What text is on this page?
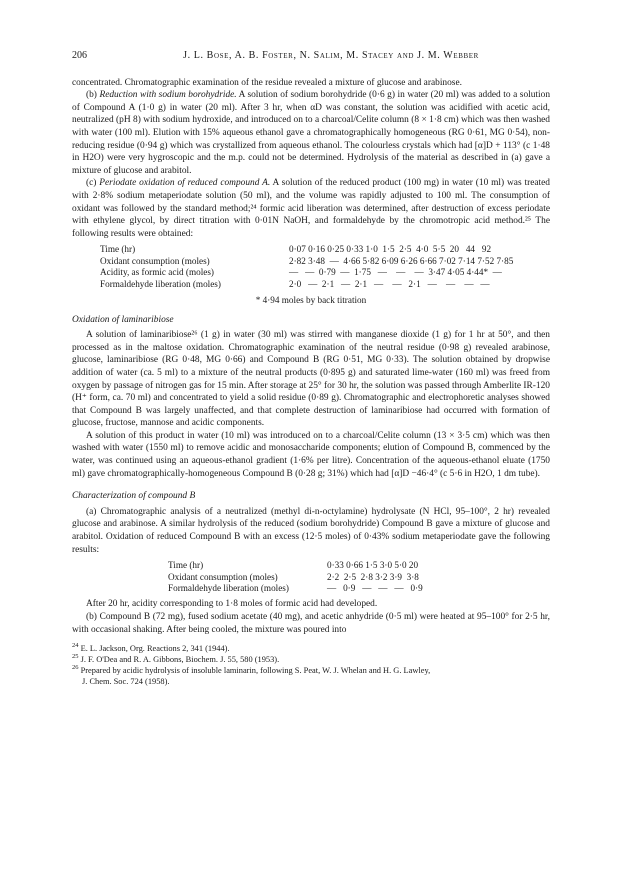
206	J. L. Bose, A. B. Foster, N. Salim, M. Stacey and J. M. Webber

concentrated. Chromatographic examination of the residue revealed a mixture of glucose and arabinose.

(b) Reduction with sodium borohydride. A solution of sodium borohydride (0·6 g) in water (20 ml) was added to a solution of Compound A (1·0 g) in water (20 ml). After 3 hr, when αD was constant, the solution was acidified with acetic acid, neutralized (pH 8) with sodium hydroxide, and introduced on to a charcoal/Celite column (8 × 1·8 cm) which was then washed with water (100 ml). Elution with 15% aqueous ethanol gave a chromatographically homogeneous (RG 0·61, MG 0·54), non-reducing residue (0·94 g) which was crystallized from aqueous ethanol. The colourless crystals which had [α]D + 113° (c 1·48 in H2O) were very hygroscopic and the m.p. could not be determined. Hydrolysis of the material as described in (a) gave a mixture of glucose and arabitol.

(c) Periodate oxidation of reduced compound A. A solution of the reduced product (100 mg) in water (10 ml) was treated with 2·8% sodium metaperiodate solution (50 ml), and the volume was rapidly adjusted to 100 ml. The consumption of oxidant was followed by the standard method;²⁴ formic acid liberation was determined, after destruction of excess periodate with ethylene glycol, by direct titration with 0·01N NaOH, and formaldehyde by the chromotropic acid method.²⁵ The following results were obtained:

Time (hr)	0·07 0·16 0·25 0·33 1·0  1·5  2·5  4·0  5·5  20   44   92
Oxidant consumption (moles)	2·82 3·48  —  4·66 5·82 6·09 6·26 6·66 7·02 7·14 7·52 7·85
Acidity, as formic acid (moles)	—   —  0·79  —  1·75   —    —    —  3·47 4·05 4·44*  —
Formaldehyde liberation (moles)	2·0   —  2·1   —  2·1   —    —   2·1   —    —    —   —
* 4·94 moles by back titration
Oxidation of laminaribiose

A solution of laminaribiose²⁶ (1 g) in water (30 ml) was stirred with manganese dioxide (1 g) for 1 hr at 50°, and then processed as in the maltose oxidation. Chromatographic examination of the neutral residue (0·98 g) revealed arabinose, glucose, laminaribiose (RG 0·48, MG 0·66) and Compound B (RG 0·51, MG 0·33). The solution obtained by dropwise addition of water (ca. 5 ml) to a mixture of the neutral products (0·895 g) and saturated lime-water (160 ml) was freed from oxygen by passage of nitrogen gas for 15 min. After storage at 25° for 30 hr, the solution was passed through Amberlite IR-120 (H⁺ form, ca. 70 ml) and concentrated to yield a solid residue (0·89 g). Chromatographic and electrophoretic analyses showed that Compound B was largely unaffected, and that complete destruction of laminaribiose had occurred with formation of glucose, fructose, mannose and acidic components.

A solution of this product in water (10 ml) was introduced on to a charcoal/Celite column (13 × 3·5 cm) which was then washed with water (1550 ml) to remove acidic and monosaccharide components; elution of Compound B, commenced by the water, was continued using an aqueous-ethanol gradient (1·6% per litre). Concentration of the aqueous-ethanol eluate (1750 ml) gave chromatographically-homogeneous Compound B (0·28 g; 31%) which had [α]D −46·4° (c 5·6 in H2O, 1 dm tube).

Characterization of compound B

(a) Chromatographic analysis of a neutralized (methyl di-n-octylamine) hydrolysate (N HCl, 95–100°, 2 hr) revealed glucose and arabinose. A similar hydrolysis of the reduced (sodium borohydride) Compound B gave a mixture of glucose and arabitol. Oxidation of reduced Compound B with an excess (12·5 moles) of 0·43% sodium metaperiodate gave the following results:

Time (hr)	0·33 0·66 1·5 3·0 5·0 20
Oxidant consumption (moles)	2·2  2·5  2·8 3·2 3·9  3·8
Formaldehyde liberation (moles)	—   0·9   —   —   —   0·9

After 20 hr, acidity corresponding to 1·8 moles of formic acid had developed.

(b) Compound B (72 mg), fused sodium acetate (40 mg), and acetic anhydride (0·5 ml) were heated at 95–100° for 2·5 hr, with occasional shaking. After being cooled, the mixture was poured into

$^{24}$ E. L. Jackson, Org. Reactions 2, 341 (1944).

$^{25}$ J. F. O'Dea and R. A. Gibbons, Biochem. J. 55, 580 (1953).

$^{26}$ Prepared by acidic hydrolysis of insoluble laminarin, following S. Peat, W. J. Whelan and H. G. Lawley,

J. Chem. Soc. 724 (1958).
